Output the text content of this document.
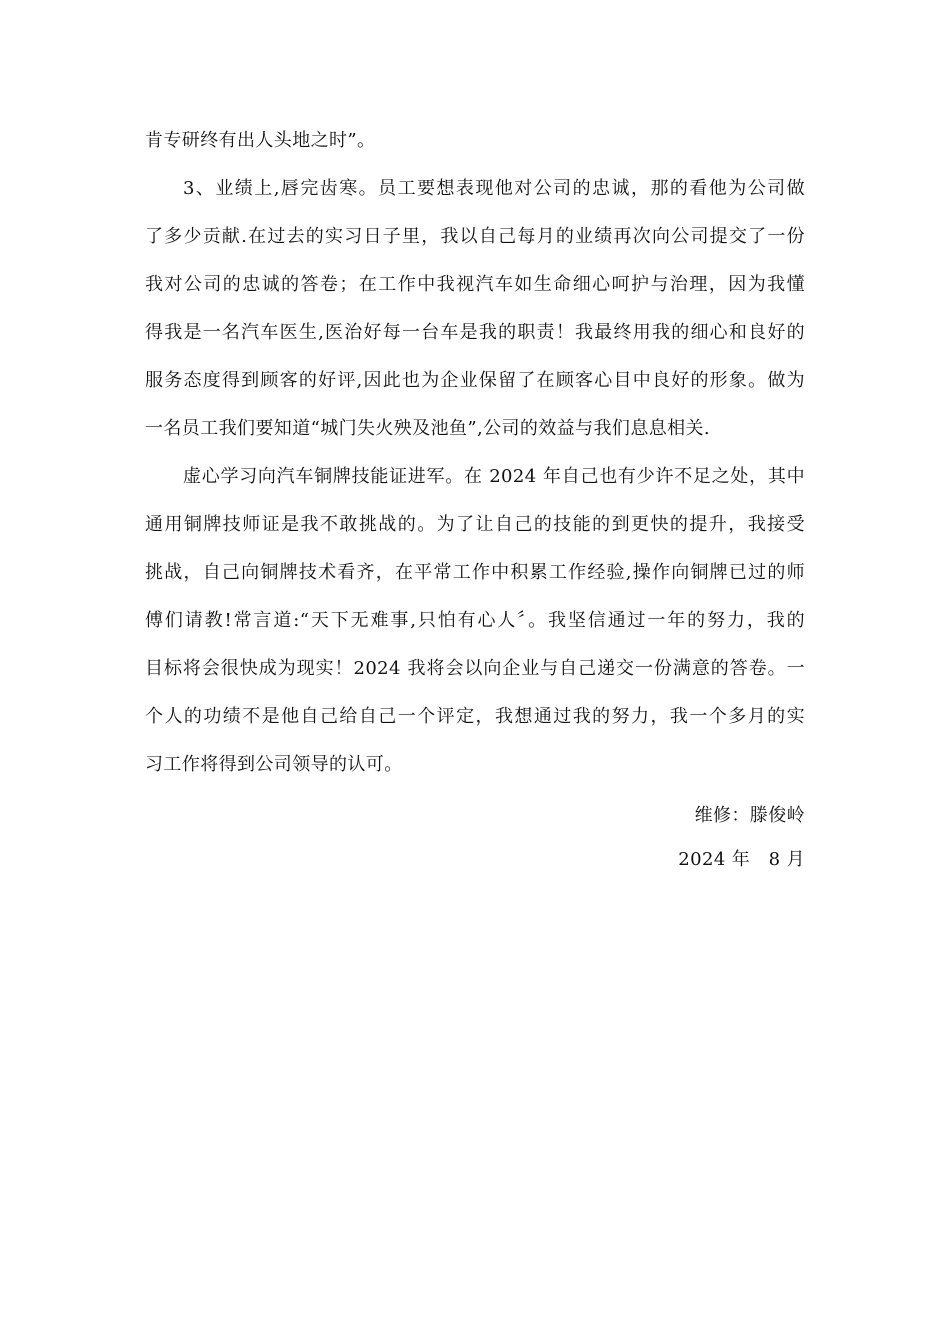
肯专研终有出人头地之时”。
3、业绩上,唇完齿寒。员工要想表现他对公司的忠诚，那的看他为公司做
了多少贡献.在过去的实习日子里，我以自己每月的业绩再次向公司提交了一份
我对公司的忠诚的答卷；在工作中我视汽车如生命细心呵护与治理，因为我懂
得我是一名汽车医生,医治好每一台车是我的职责！我最终用我的细心和良好的
服务态度得到顾客的好评,因此也为企业保留了在顾客心目中良好的形象。做为
一名员工我们要知道“城门失火殃及池鱼”,公司的效益与我们息息相关.
虚心学习向汽车铜牌技能证进军。在 2024 年自己也有少许不足之处，其中
通用铜牌技师证是我不敢挑战的。为了让自己的技能的到更快的提升，我接受
挑战，自己向铜牌技术看齐，在平常工作中积累工作经验,操作向铜牌已过的师
傅们请教!常言道:“天下无难事,只怕有心人〞。我坚信通过一年的努力，我的
目标将会很快成为现实！2024 我将会以向企业与自己递交一份满意的答卷。一
个人的功绩不是他自己给自己一个评定，我想通过我的努力，我一个多月的实
习工作将得到公司领导的认可。
维修：滕俊岭
2024 年　8 月
